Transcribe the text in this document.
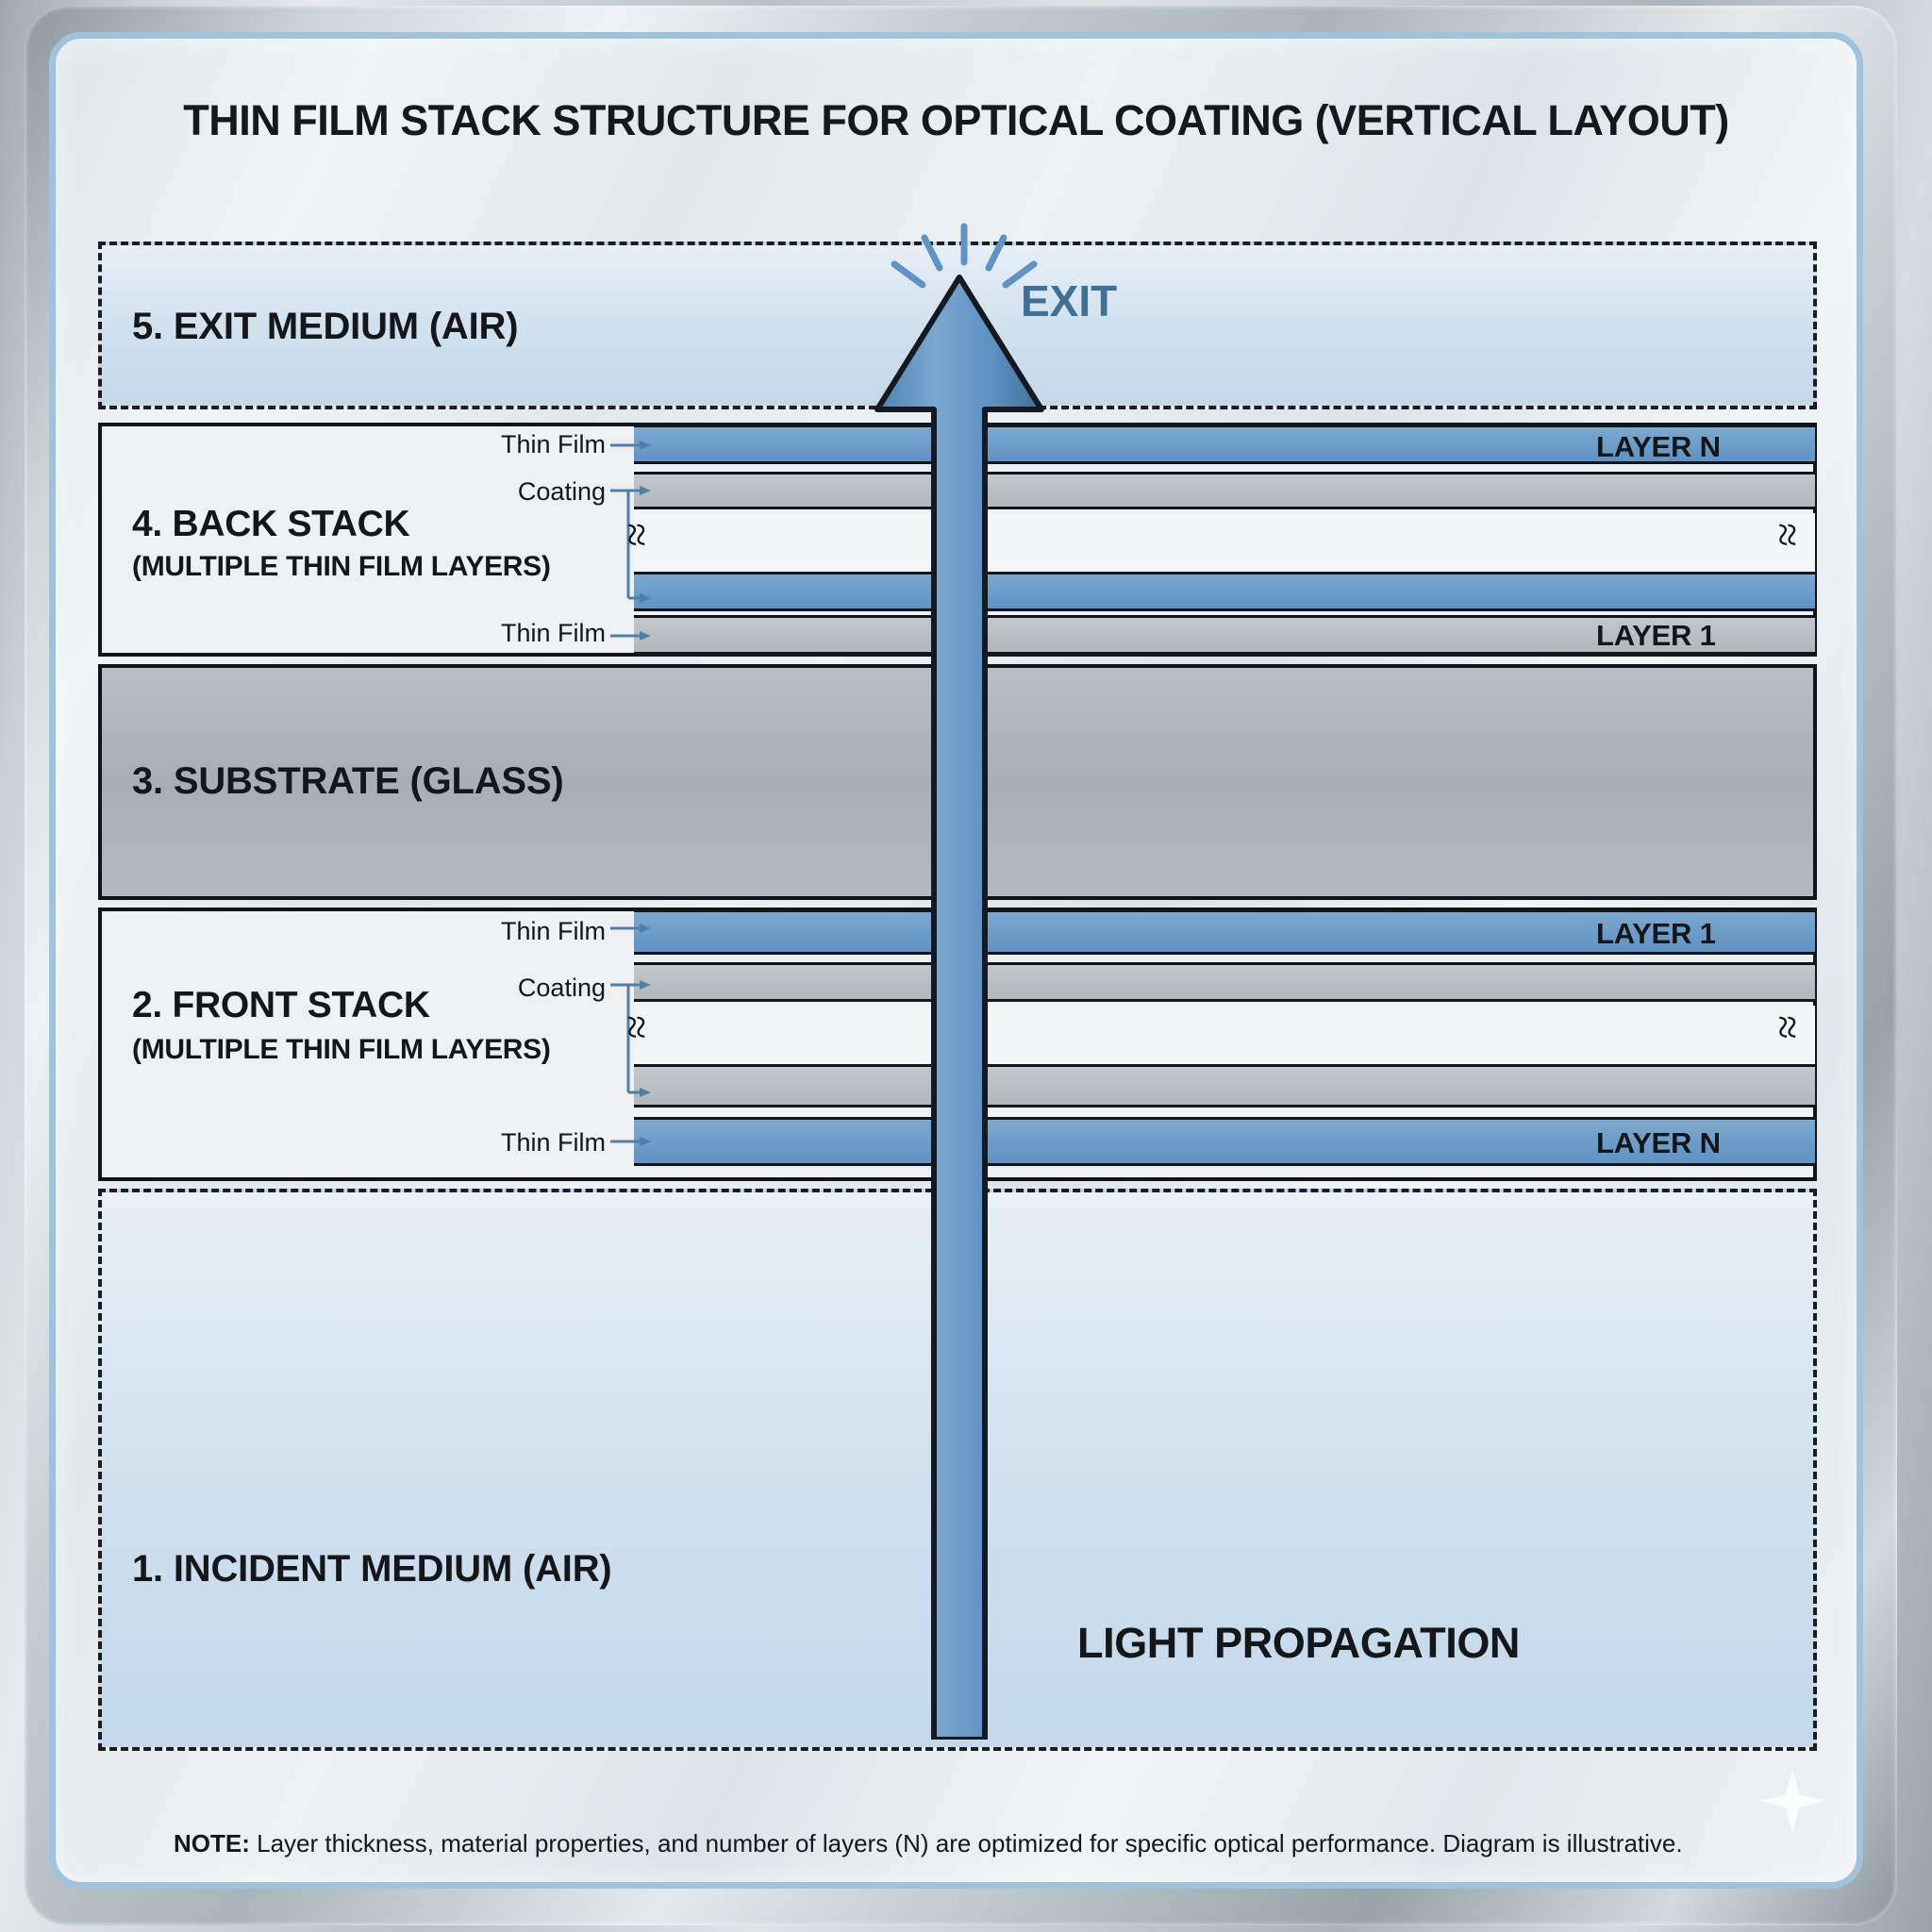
THIN FILM STACK STRUCTURE FOR OPTICAL COATING (VERTICAL LAYOUT)
5. EXIT MEDIUM (AIR)
LAYER N
LAYER 1
4. BACK STACK
(MULTIPLE THIN FILM LAYERS)
Thin Film
Coating
Thin Film
≈	≈
3. SUBSTRATE (GLASS)
LAYER 1
LAYER N
2. FRONT STACK
(MULTIPLE THIN FILM LAYERS)
Thin Film
Coating
Thin Film
≈	≈
1. INCIDENT MEDIUM (AIR)
EXIT
LIGHT PROPAGATION
NOTE: Layer thickness, material properties, and number of layers (N) are optimized for specific optical performance. Diagram is illustrative.
